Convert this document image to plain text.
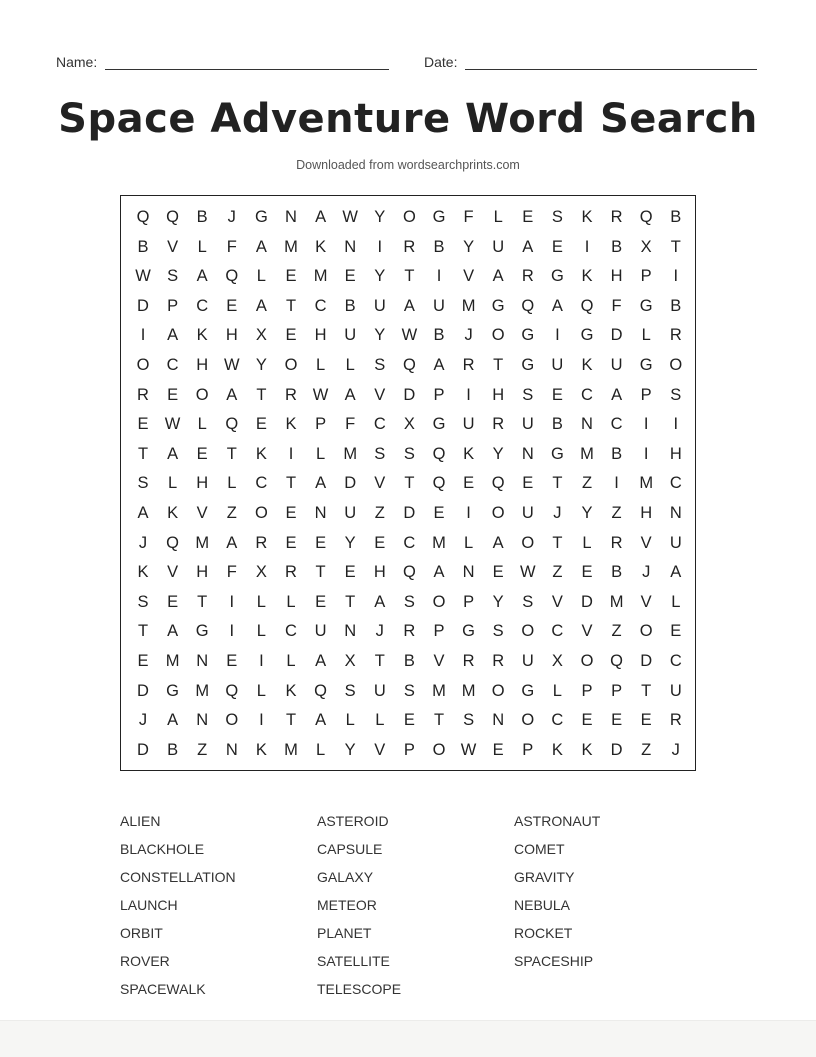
Name:	Date:
Space Adventure Word Search
Downloaded from wordsearchprints.com
Q	Q	B	J	G	N	A W Y	O	G	F	L	E	S	K	R	Q	B
B	V	L	F	A	M	K	N	I	R	B	Y	U	A	E	I	B	X	T
W S	A	Q	L	E	M	E	Y	T	I	V	A	R	G	K	H	P	I
D	P	C	E	A	T	C	B	U	A	U	M G	Q	A	Q	F	G	B
I	A	K	H	X	E	H	U	Y W B	J	O	G	I	G	D	L	R
O	C	H W Y	O	L	L	S	Q	A	R	T	G	U	K	U	G	O
R	E	O	A	T	R W A	V	D	P	I	H	S	E	C	A	P	S
E W	L	Q	E	K	P	F	C	X	G	U	R	U	B	N	C	I	I
T	A	E	T	K	I	L	M	S	S	Q	K	Y	N	G M	B	I	H
S	L	H	L	C	T	A	D	V	T	Q	E	Q	E	T	Z	I	M	C
A	K	V	Z	O	E	N	U	Z	D	E	I	O	U	J	Y	Z	H	N
J	Q M	A	R	E	E	Y	E	C	M	L	A	O	T	L	R	V	U
K	V	H	F	X	R	T	E	H	Q	A	N	E W	Z	E	B	J	A
S	E	T	I	L	L	E	T	A	S	O	P	Y	S	V	D	M	V	L
T	A	G	I	L	C	U	N	J	R	P	G	S	O	C	V	Z	O	E
E	M	N	E	I	L	A	X	T	B	V	R	R	U	X	O	Q	D	C
D	G M Q	L	K	Q	S	U	S	M M O	G	L	P	P	T	U
J	A	N	O	I	T	A	L	L	E	T	S	N	O	C	E	E	E	R
D	B	Z	N	K	M	L	Y	V	P	O W E	P	K	K	D	Z	J
ALIEN	ASTEROID	ASTRONAUT
BLACKHOLE	CAPSULE	COMET
CONSTELLATION	GALAXY	GRAVITY
LAUNCH	METEOR	NEBULA
ORBIT	PLANET	ROCKET
ROVER	SATELLITE	SPACESHIP
SPACEWALK	TELESCOPE
